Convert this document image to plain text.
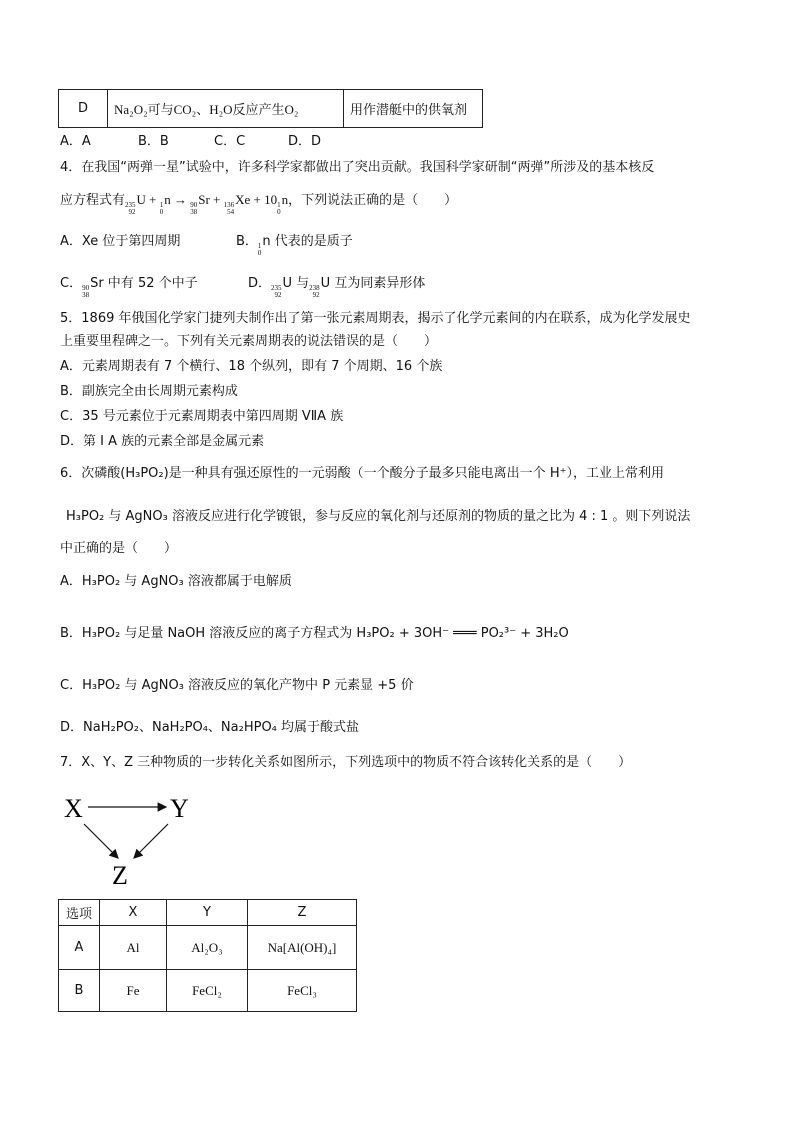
D	Na₂O₂可与CO₂、H₂O反应产生O₂	用作潜艇中的供氧剂
A．A	B．B	C．C	D．D
4．在我国“两弹一星”试验中，许多科学家都做出了突出贡献。我国科学家研制“两弹”所涉及的基本核反
应方程式有 235
92
U + 1
0
n → 90
38
Sr + 136
54
Xe + 10 1
0
n，下列说法正确的是（　　）
A．Xe 位于第四周期	B． 1
0
n 代表的是质子
C． 90
38
Sr 中有 52 个中子	D． 235
92
U 与 238
92
U 互为同素异形体
5．1869 年俄国化学家门捷列夫制作出了第一张元素周期表，揭示了化学元素间的内在联系，成为化学发展史
上重要里程碑之一。下列有关元素周期表的说法错误的是（　　）
A．元素周期表有 7 个横行、18 个纵列，即有 7 个周期、16 个族
B．副族完全由长周期元素构成
C．35 号元素位于元素周期表中第四周期 VⅡA 族
D．第 I A 族的元素全部是金属元素
6．次磷酸(H₃PO₂)是一种具有强还原性的一元弱酸（一个酸分子最多只能电离出一个 H⁺），工业上常利用
H₃PO₂ 与 AgNO₃ 溶液反应进行化学镀银，参与反应的氧化剂与还原剂的物质的量之比为 4 : 1 。则下列说法
中正确的是（　　）
A．H₃PO₂ 与 AgNO₃ 溶液都属于电解质
B．H₃PO₂ 与足量 NaOH 溶液反应的离子方程式为 H₃PO₂ + 3OH⁻ ═══ PO₂³⁻ + 3H₂O
C．H₃PO₂ 与 AgNO₃ 溶液反应的氧化产物中 P 元素显 +5 价
D．NaH₂PO₂、NaH₂PO₄、Na₂HPO₄ 均属于酸式盐
7．X、Y、Z 三种物质的一步转化关系如图所示，下列选项中的物质不符合该转化关系的是（　　）
X	Y
Z
选项	X	Y	Z
A	Al	Al₂O₃	Na[Al(OH)₄]
B	Fe	FeCl₂	FeCl₃
